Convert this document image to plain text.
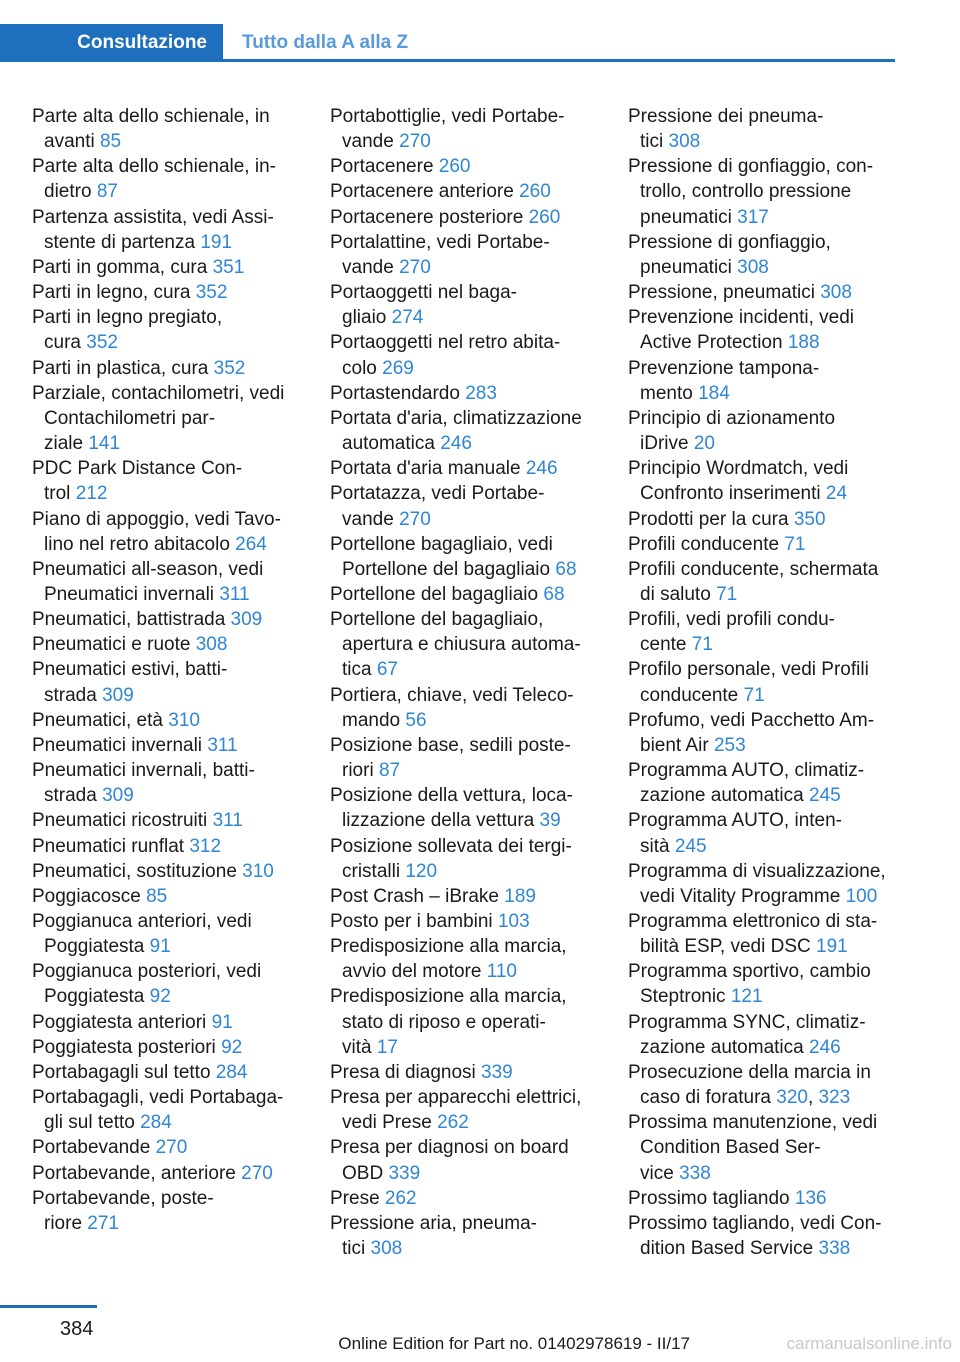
Consultazione	Tutto dalla A alla Z
Parte alta dello schienale, in
avanti 85
Parte alta dello schienale, in-
dietro 87
Partenza assistita, vedi Assi-
stente di partenza 191
Parti in gomma, cura 351
Parti in legno, cura 352
Parti in legno pregiato,
cura 352
Parti in plastica, cura 352
Parziale, contachilometri, vedi
Contachilometri par-
ziale 141
PDC Park Distance Con-
trol 212
Piano di appoggio, vedi Tavo-
lino nel retro abitacolo 264
Pneumatici all-season, vedi
Pneumatici invernali 311
Pneumatici, battistrada 309
Pneumatici e ruote 308
Pneumatici estivi, batti-
strada 309
Pneumatici, età 310
Pneumatici invernali 311
Pneumatici invernali, batti-
strada 309
Pneumatici ricostruiti 311
Pneumatici runflat 312
Pneumatici, sostituzione 310
Poggiacosce 85
Poggianuca anteriori, vedi
Poggiatesta 91
Poggianuca posteriori, vedi
Poggiatesta 92
Poggiatesta anteriori 91
Poggiatesta posteriori 92
Portabagagli sul tetto 284
Portabagagli, vedi Portabaga-
gli sul tetto 284
Portabevande 270
Portabevande, anteriore 270
Portabevande, poste-
riore 271
Portabottiglie, vedi Portabe-
vande 270
Portacenere 260
Portacenere anteriore 260
Portacenere posteriore 260
Portalattine, vedi Portabe-
vande 270
Portaoggetti nel baga-
gliaio 274
Portaoggetti nel retro abita-
colo 269
Portastendardo 283
Portata d'aria, climatizzazione
automatica 246
Portata d'aria manuale 246
Portatazza, vedi Portabe-
vande 270
Portellone bagagliaio, vedi
Portellone del bagagliaio 68
Portellone del bagagliaio 68
Portellone del bagagliaio,
apertura e chiusura automa-
tica 67
Portiera, chiave, vedi Teleco-
mando 56
Posizione base, sedili poste-
riori 87
Posizione della vettura, loca-
lizzazione della vettura 39
Posizione sollevata dei tergi-
cristalli 120
Post Crash – iBrake 189
Posto per i bambini 103
Predisposizione alla marcia,
avvio del motore 110
Predisposizione alla marcia,
stato di riposo e operati-
vità 17
Presa di diagnosi 339
Presa per apparecchi elettrici,
vedi Prese 262
Presa per diagnosi on board
OBD 339
Prese 262
Pressione aria, pneuma-
tici 308
Pressione dei pneuma-
tici 308
Pressione di gonfiaggio, con-
trollo, controllo pressione
pneumatici 317
Pressione di gonfiaggio,
pneumatici 308
Pressione, pneumatici 308
Prevenzione incidenti, vedi
Active Protection 188
Prevenzione tampona-
mento 184
Principio di azionamento
iDrive 20
Principio Wordmatch, vedi
Confronto inserimenti 24
Prodotti per la cura 350
Profili conducente 71
Profili conducente, schermata
di saluto 71
Profili, vedi profili condu-
cente 71
Profilo personale, vedi Profili
conducente 71
Profumo, vedi Pacchetto Am-
bient Air 253
Programma AUTO, climatiz-
zazione automatica 245
Programma AUTO, inten-
sità 245
Programma di visualizzazione,
vedi Vitality Programme 100
Programma elettronico di sta-
bilità ESP, vedi DSC 191
Programma sportivo, cambio
Steptronic 121
Programma SYNC, climatiz-
zazione automatica 246
Prosecuzione della marcia in
caso di foratura 320, 323
Prossima manutenzione, vedi
Condition Based Ser-
vice 338
Prossimo tagliando 136
Prossimo tagliando, vedi Con-
dition Based Service 338
384
Online Edition for Part no. 01402978619 - II/17	carmanualsonline.info
